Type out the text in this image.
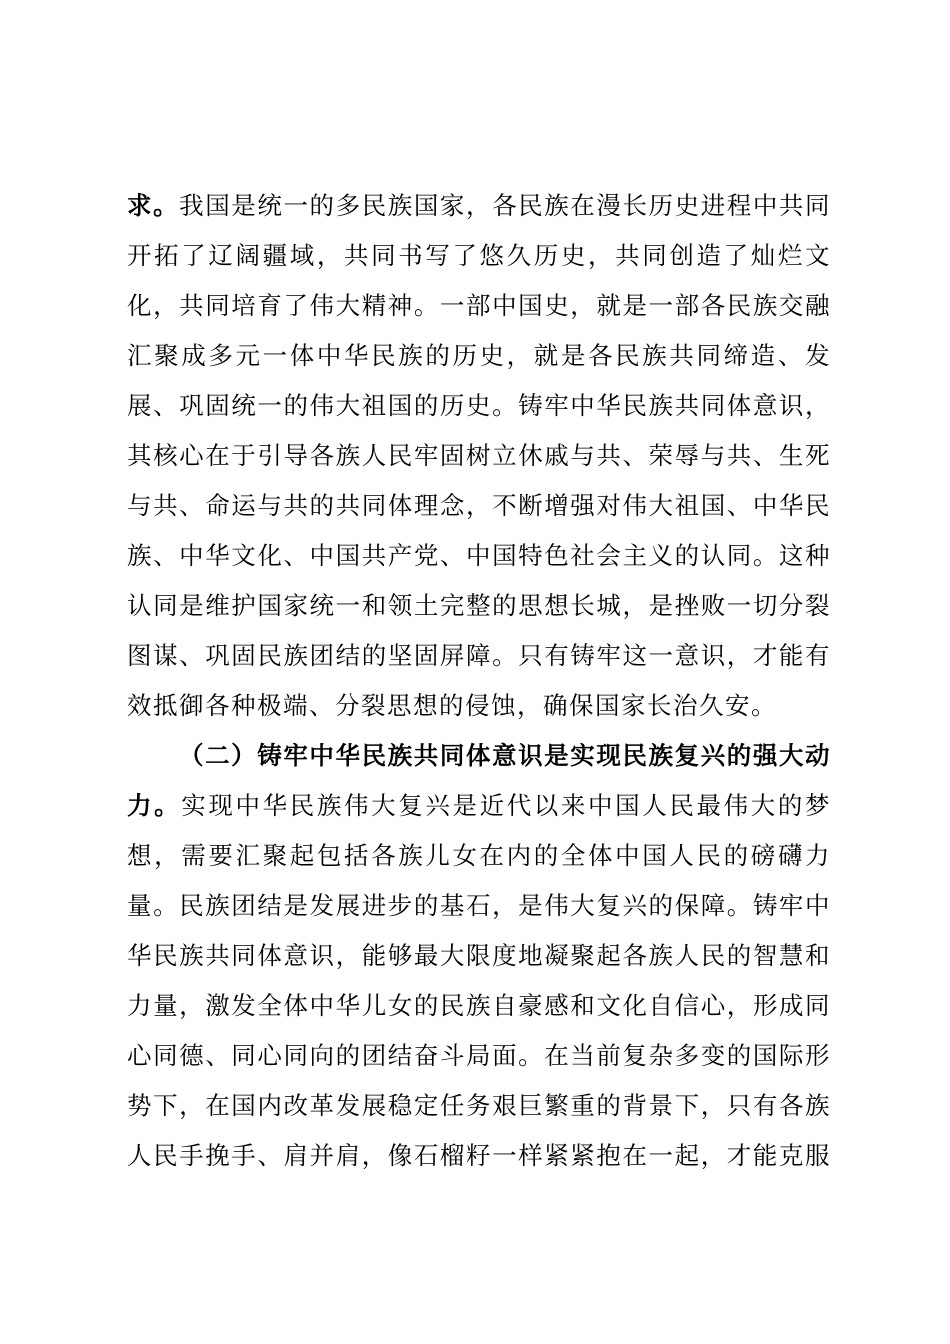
求。我国是统一的多民族国家，各民族在漫长历史进程中共同
开拓了辽阔疆域，共同书写了悠久历史，共同创造了灿烂文
化，共同培育了伟大精神。一部中国史，就是一部各民族交融
汇聚成多元一体中华民族的历史，就是各民族共同缔造、发
展、巩固统一的伟大祖国的历史。铸牢中华民族共同体意识，
其核心在于引导各族人民牢固树立休戚与共、荣辱与共、生死
与共、命运与共的共同体理念，不断增强对伟大祖国、中华民
族、中华文化、中国共产党、中国特色社会主义的认同。这种
认同是维护国家统一和领土完整的思想长城，是挫败一切分裂
图谋、巩固民族团结的坚固屏障。只有铸牢这一意识，才能有
效抵御各种极端、分裂思想的侵蚀，确保国家长治久安。
（二）铸牢中华民族共同体意识是实现民族复兴的强大动
力。实现中华民族伟大复兴是近代以来中国人民最伟大的梦
想，需要汇聚起包括各族儿女在内的全体中国人民的磅礴力
量。民族团结是发展进步的基石，是伟大复兴的保障。铸牢中
华民族共同体意识，能够最大限度地凝聚起各族人民的智慧和
力量，激发全体中华儿女的民族自豪感和文化自信心，形成同
心同德、同心同向的团结奋斗局面。在当前复杂多变的国际形
势下，在国内改革发展稳定任务艰巨繁重的背景下，只有各族
人民手挽手、肩并肩，像石榴籽一样紧紧抱在一起，才能克服
